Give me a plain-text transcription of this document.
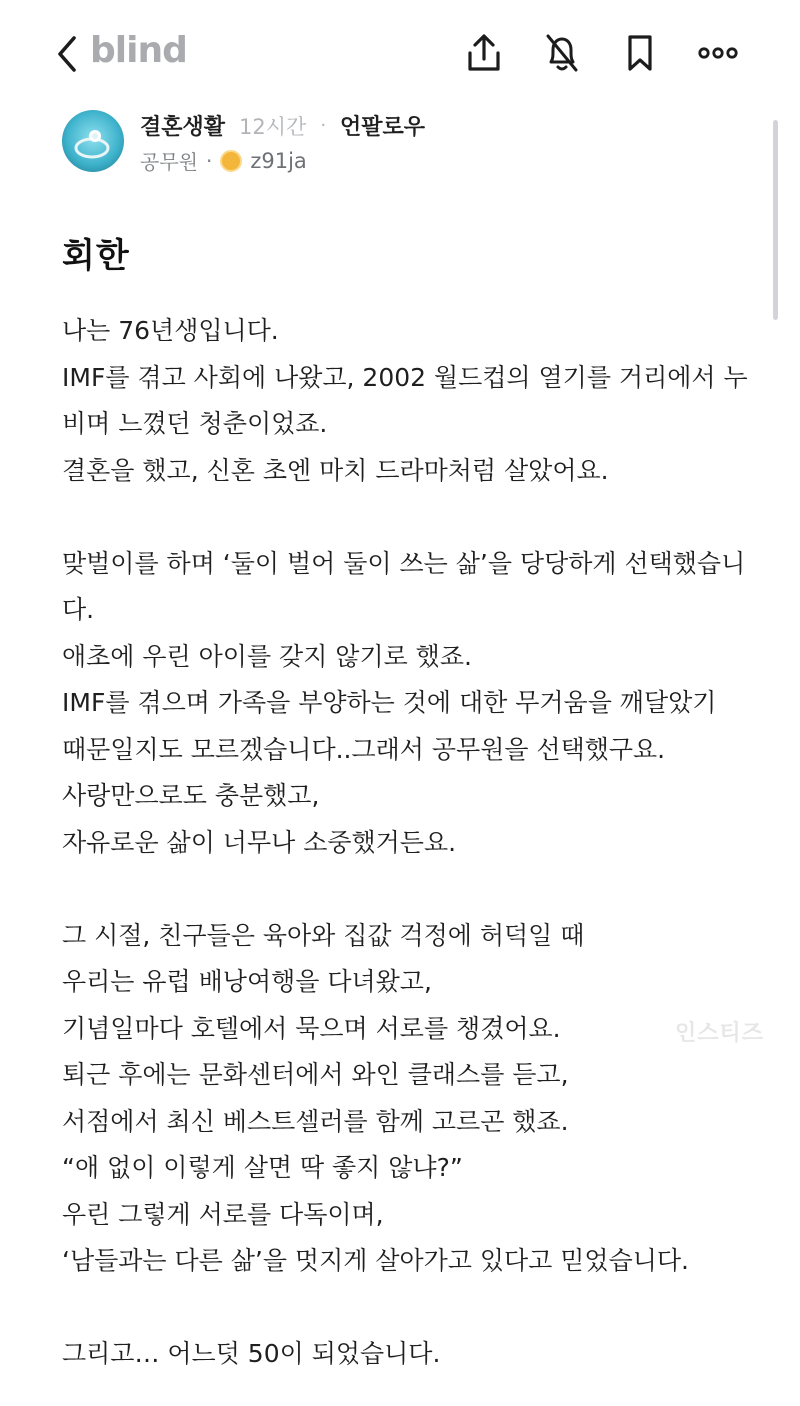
blind
결혼생활 12시간 · 언팔로우
공무원 · z91ja
회한

나는 76년생입니다.
IMF를 겪고 사회에 나왔고, 2002 월드컵의 열기를 거리에서 누비며 느꼈던 청춘이었죠.
결혼을 했고, 신혼 초엔 마치 드라마처럼 살았어요.

맞벌이를 하며 ‘둘이 벌어 둘이 쓰는 삶’을 당당하게 선택했습니다.
애초에 우린 아이를 갖지 않기로 했죠.
IMF를 겪으며 가족을 부양하는 것에 대한 무거움을 깨달았기 때문일지도 모르겠습니다..그래서 공무원을 선택했구요.
사랑만으로도 충분했고,
자유로운 삶이 너무나 소중했거든요.

그 시절, 친구들은 육아와 집값 걱정에 허덕일 때
우리는 유럽 배낭여행을 다녀왔고,
기념일마다 호텔에서 묵으며 서로를 챙겼어요.
퇴근 후에는 문화센터에서 와인 클래스를 듣고,
서점에서 최신 베스트셀러를 함께 고르곤 했죠.
“애 없이 이렇게 살면 딱 좋지 않냐?”
우린 그렇게 서로를 다독이며,
‘남들과는 다른 삶’을 멋지게 살아가고 있다고 믿었습니다.

그리고… 어느덧 50이 되었습니다.

인스티즈
